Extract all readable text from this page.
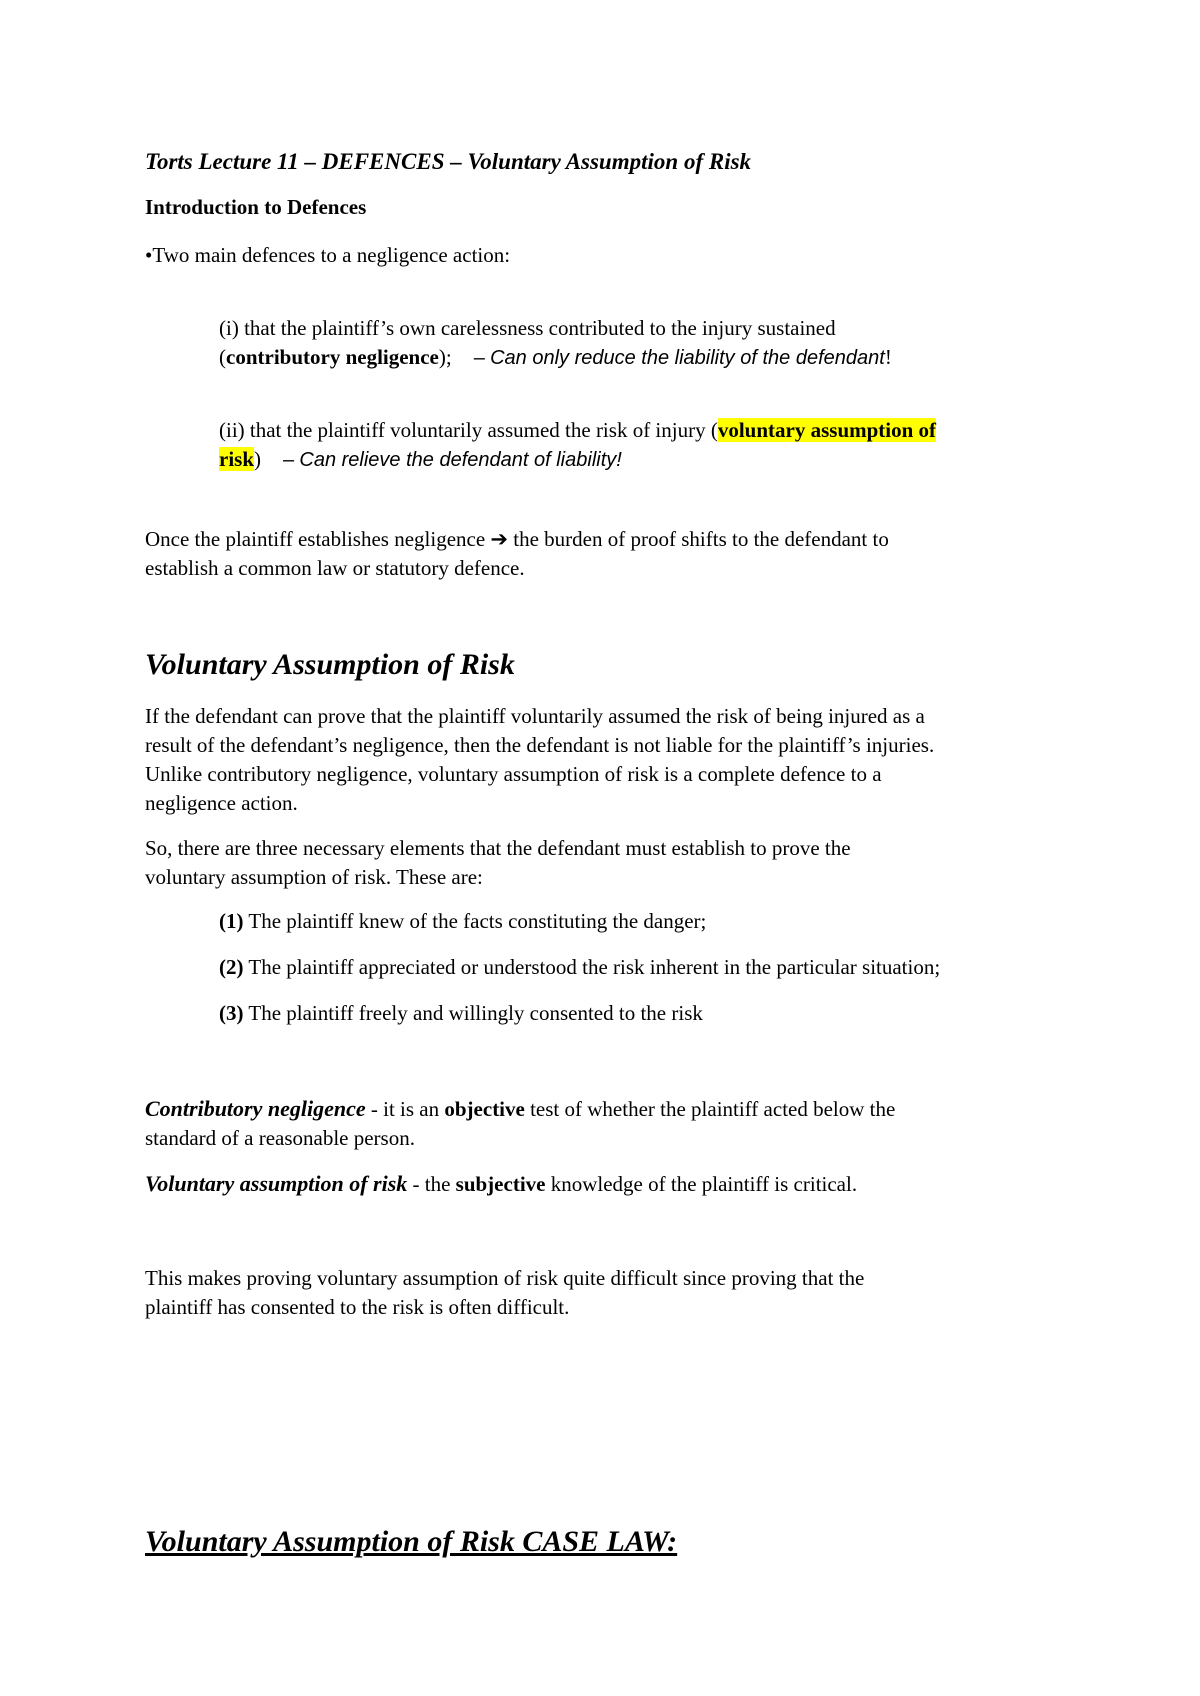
Torts Lecture 11 – DEFENCES – Voluntary Assumption of Risk
Introduction to Defences
•Two main defences to a negligence action:
(i) that the plaintiff’s own carelessness contributed to the injury sustained
(contributory negligence); – Can only reduce the liability of the defendant!
(ii) that the plaintiff voluntarily assumed the risk of injury (voluntary assumption of
risk) – Can relieve the defendant of liability!
Once the plaintiff establishes negligence ➔ the burden of proof shifts to the defendant to
establish a common law or statutory defence.
Voluntary Assumption of Risk
If the defendant can prove that the plaintiff voluntarily assumed the risk of being injured as a
result of the defendant’s negligence, then the defendant is not liable for the plaintiff’s injuries.
Unlike contributory negligence, voluntary assumption of risk is a complete defence to a
negligence action.
So, there are three necessary elements that the defendant must establish to prove the
voluntary assumption of risk. These are:
(1) The plaintiff knew of the facts constituting the danger;
(2) The plaintiff appreciated or understood the risk inherent in the particular situation;
(3) The plaintiff freely and willingly consented to the risk
Contributory negligence - it is an objective test of whether the plaintiff acted below the
standard of a reasonable person.
Voluntary assumption of risk - the subjective knowledge of the plaintiff is critical.
This makes proving voluntary assumption of risk quite difficult since proving that the
plaintiff has consented to the risk is often difficult.
Voluntary Assumption of Risk CASE LAW:
